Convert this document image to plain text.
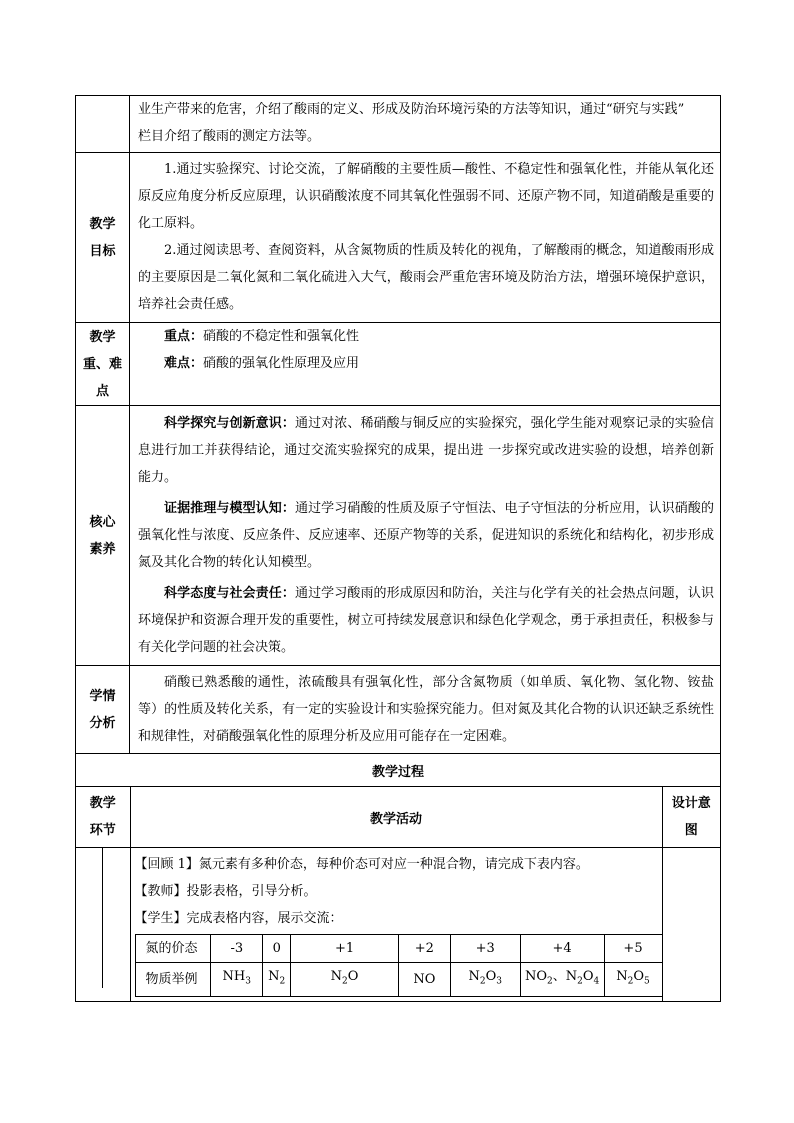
业生产带来的危害，介绍了酸雨的定义、形成及防治环境污染的方法等知识，通过“研究与实践”
栏目介绍了酸雨的测定方法等。

教学
目标

1.通过实验探究、讨论交流，了解硝酸的主要性质—酸性、不稳定性和强氧化性，并能从氧化还原反应角度分析反应原理，认识硝酸浓度不同其氧化性强弱不同、还原产物不同，知道硝酸是重要的化工原料。
2.通过阅读思考、查阅资料，从含氮物质的性质及转化的视角，了解酸雨的概念，知道酸雨形成的主要原因是二氧化氮和二氧化硫进入大气，酸雨会严重危害环境及防治方法，增强环境保护意识，培养社会责任感。

教学
重、难
点

重点：硝酸的不稳定性和强氧化性
难点：硝酸的强氧化性原理及应用

核心
素养

科学探究与创新意识：通过对浓、稀硝酸与铜反应的实验探究，强化学生能对观察记录的实验信息进行加工并获得结论，通过交流实验探究的成果，提出进 一步探究或改进实验的设想，培养创新能力。
证据推理与模型认知：通过学习硝酸的性质及原子守恒法、电子守恒法的分析应用，认识硝酸的强氧化性与浓度、反应条件、反应速率、还原产物等的关系，促进知识的系统化和结构化，初步形成氮及其化合物的转化认知模型。
科学态度与社会责任：通过学习酸雨的形成原因和防治，关注与化学有关的社会热点问题，认识环境保护和资源合理开发的重要性，树立可持续发展意识和绿色化学观念，勇于承担责任，积极参与有关化学问题的社会决策。

学情
分析

硝酸已熟悉酸的通性，浓硫酸具有强氧化性，部分含氮物质（如单质、氧化物、氢化物、铵盐等）的性质及转化关系，有一定的实验设计和实验探究能力。但对氮及其化合物的认识还缺乏系统性和规律性，对硝酸强氧化性的原理分析及应用可能存在一定困难。

教学过程

教学
环节
	教学活动	
设计意
图

【回顾 1】氮元素有多种价态，每种价态可对应一种混合物，请完成下表内容。
【教师】投影表格，引导分析。
【学生】完成表格内容，展示交流：
氮的价态	-3	0	+1	+2	+3	+4	+5
物质举例	$NH_3$	$N_2$	$N_2O$	NO	$N_2O_3$	$NO_2$、$N_2O_4$	$N_2O_5$
